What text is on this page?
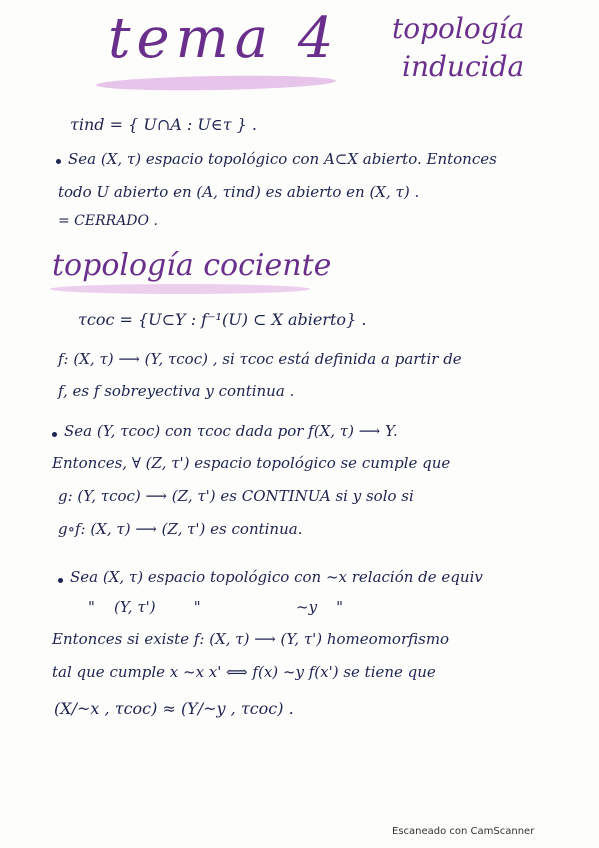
tema 4 topología
inducida
τind = { U∩A : U∈τ } .
Sea (X, τ) espacio topológico con A⊂X abierto. Entonces
todo U abierto en (A, τind) es abierto en (X, τ) .
= CERRADO .
topología cociente
τcoc = {U⊂Y : f⁻¹(U) ⊂ X abierto} .
f: (X, τ) ⟶ (Y, τcoc) , si τcoc está definida a partir de
f, es f sobreyectiva y continua .
Sea (Y, τcoc) con τcoc dada por f(X, τ) ⟶ Y.
Entonces, ∀ (Z, τ') espacio topológico se cumple que
g: (Y, τcoc) ⟶ (Z, τ') es CONTINUA si y solo si
g∘f: (X, τ) ⟶ (Z, τ') es continua.
Sea (X, τ) espacio topológico con ~x relación de equiv
"    (Y, τ')        "                    ~y    "
Entonces si existe f: (X, τ) ⟶ (Y, τ') homeomorfismo
tal que cumple x ~x x' ⟺ f(x) ~y f(x') se tiene que
(X/~x , τcoc) ≈ (Y/~y , τcoc) .
Escaneado con CamScanner
